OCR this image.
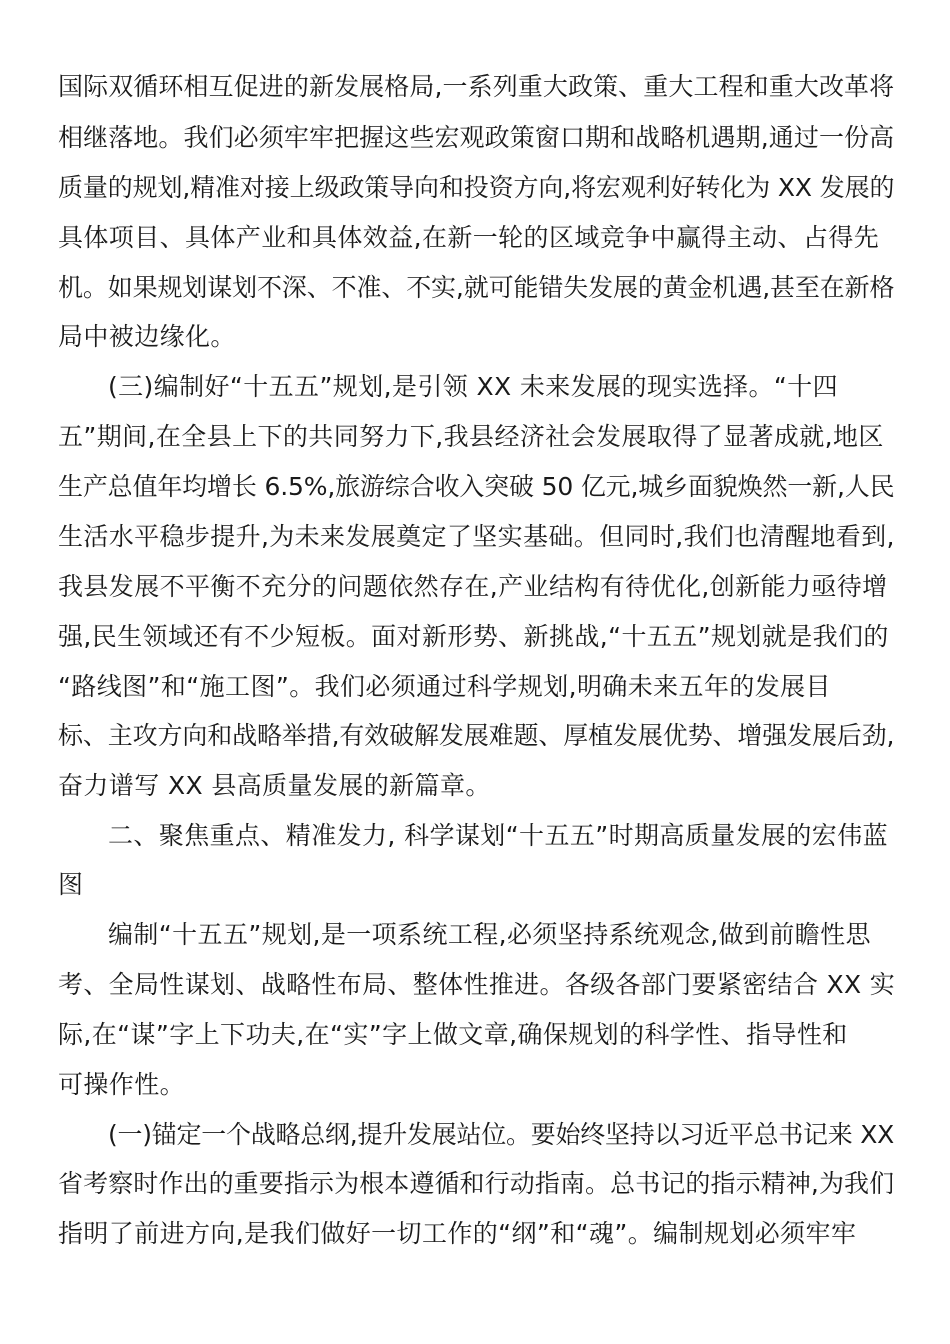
国际双循环相互促进的新发展格局,一系列重大政策、重大工程和重大改革将
相继落地。我们必须牢牢把握这些宏观政策窗口期和战略机遇期,通过一份高
质量的规划,精准对接上级政策导向和投资方向,将宏观利好转化为 XX 发展的
具体项目、具体产业和具体效益,在新一轮的区域竞争中赢得主动、占得先
机。如果规划谋划不深、不准、不实,就可能错失发展的黄金机遇,甚至在新格
局中被边缘化。
(三)编制好“十五五”规划,是引领 XX 未来发展的现实选择。“十四
五”期间,在全县上下的共同努力下,我县经济社会发展取得了显著成就,地区
生产总值年均增长 6.5%,旅游综合收入突破 50 亿元,城乡面貌焕然一新,人民
生活水平稳步提升,为未来发展奠定了坚实基础。但同时,我们也清醒地看到,
我县发展不平衡不充分的问题依然存在,产业结构有待优化,创新能力亟待增
强,民生领域还有不少短板。面对新形势、新挑战,“十五五”规划就是我们的
“路线图”和“施工图”。我们必须通过科学规划,明确未来五年的发展目
标、主攻方向和战略举措,有效破解发展难题、厚植发展优势、增强发展后劲,
奋力谱写 XX 县高质量发展的新篇章。
二、聚焦重点、精准发力, 科学谋划“十五五”时期高质量发展的宏伟蓝
图
编制“十五五”规划,是一项系统工程,必须坚持系统观念,做到前瞻性思
考、全局性谋划、战略性布局、整体性推进。各级各部门要紧密结合 XX 实
际,在“谋”字上下功夫,在“实”字上做文章,确保规划的科学性、指导性和
可操作性。
(一)锚定一个战略总纲,提升发展站位。要始终坚持以习近平总书记来 XX
省考察时作出的重要指示为根本遵循和行动指南。总书记的指示精神,为我们
指明了前进方向,是我们做好一切工作的“纲”和“魂”。编制规划必须牢牢
